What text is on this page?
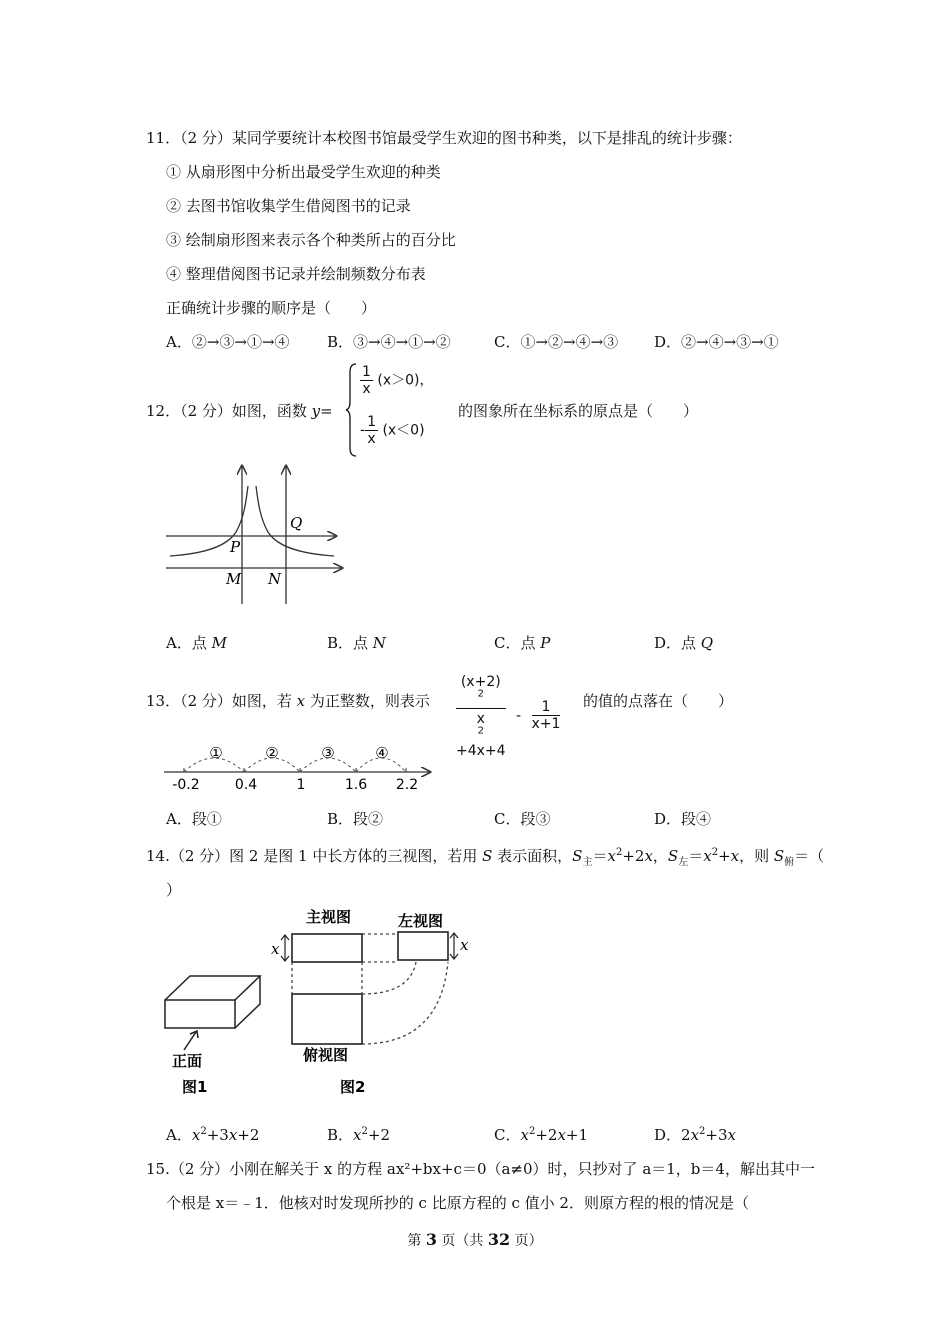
11．（2 分）某同学要统计本校图书馆最受学生欢迎的图书种类，以下是排乱的统计步骤：
① 从扇形图中分析出最受学生欢迎的种类
② 去图书馆收集学生借阅图书的记录
③ 绘制扇形图来表示各个种类所占的百分比
④ 整理借阅图书记录并绘制频数分布表
正确统计步骤的顺序是（　　）
A．②→③→①→④ B．③→④→①→②	C．①→②→④→③ D．②→④→③→①
12．（2 分）如图，函数 y=
$\frac{1}{x} (x>0)$，
- $\frac{1}{x} (x<0)$
的图象所在坐标系的原点是（　　）
Q
P
M N
A．点 M	B．点 N	C．点 P	D．点 Q
13．（2 分）如图，若 x 为正整数，则表示 (x+2)
$^2$
x
$^2$
$+4x+4 - \frac{1}{x+1}$ 的值的点落在（　　）
①	②	③	④
-0.2	0.4	1	1.6 2.2
A．段①	B．段②	C．段③	D．段④
14.（2 分）图 2 是图 1 中长方体的三视图，若用 S 表示面积，$S_主=x^2+2x$，$S_左=x^2+x$，则 $S_俯=$（
）
正面
图1
主视图	左视图
俯视图
图2
x	x
A．$x^2+3x+2$	B．$x^2+2$	C．$x^2+2x+1$	D．$2x^2+3x$
15.（2 分）小刚在解关于 x 的方程 ax²+bx+c＝0（a≠0）时，只抄对了 a＝1，b＝4，解出其中一
个根是 x＝﹣1．他核对时发现所抄的 c 比原方程的 c 值小 2．则原方程的根的情况是（
第 3 页（共 32 页）
